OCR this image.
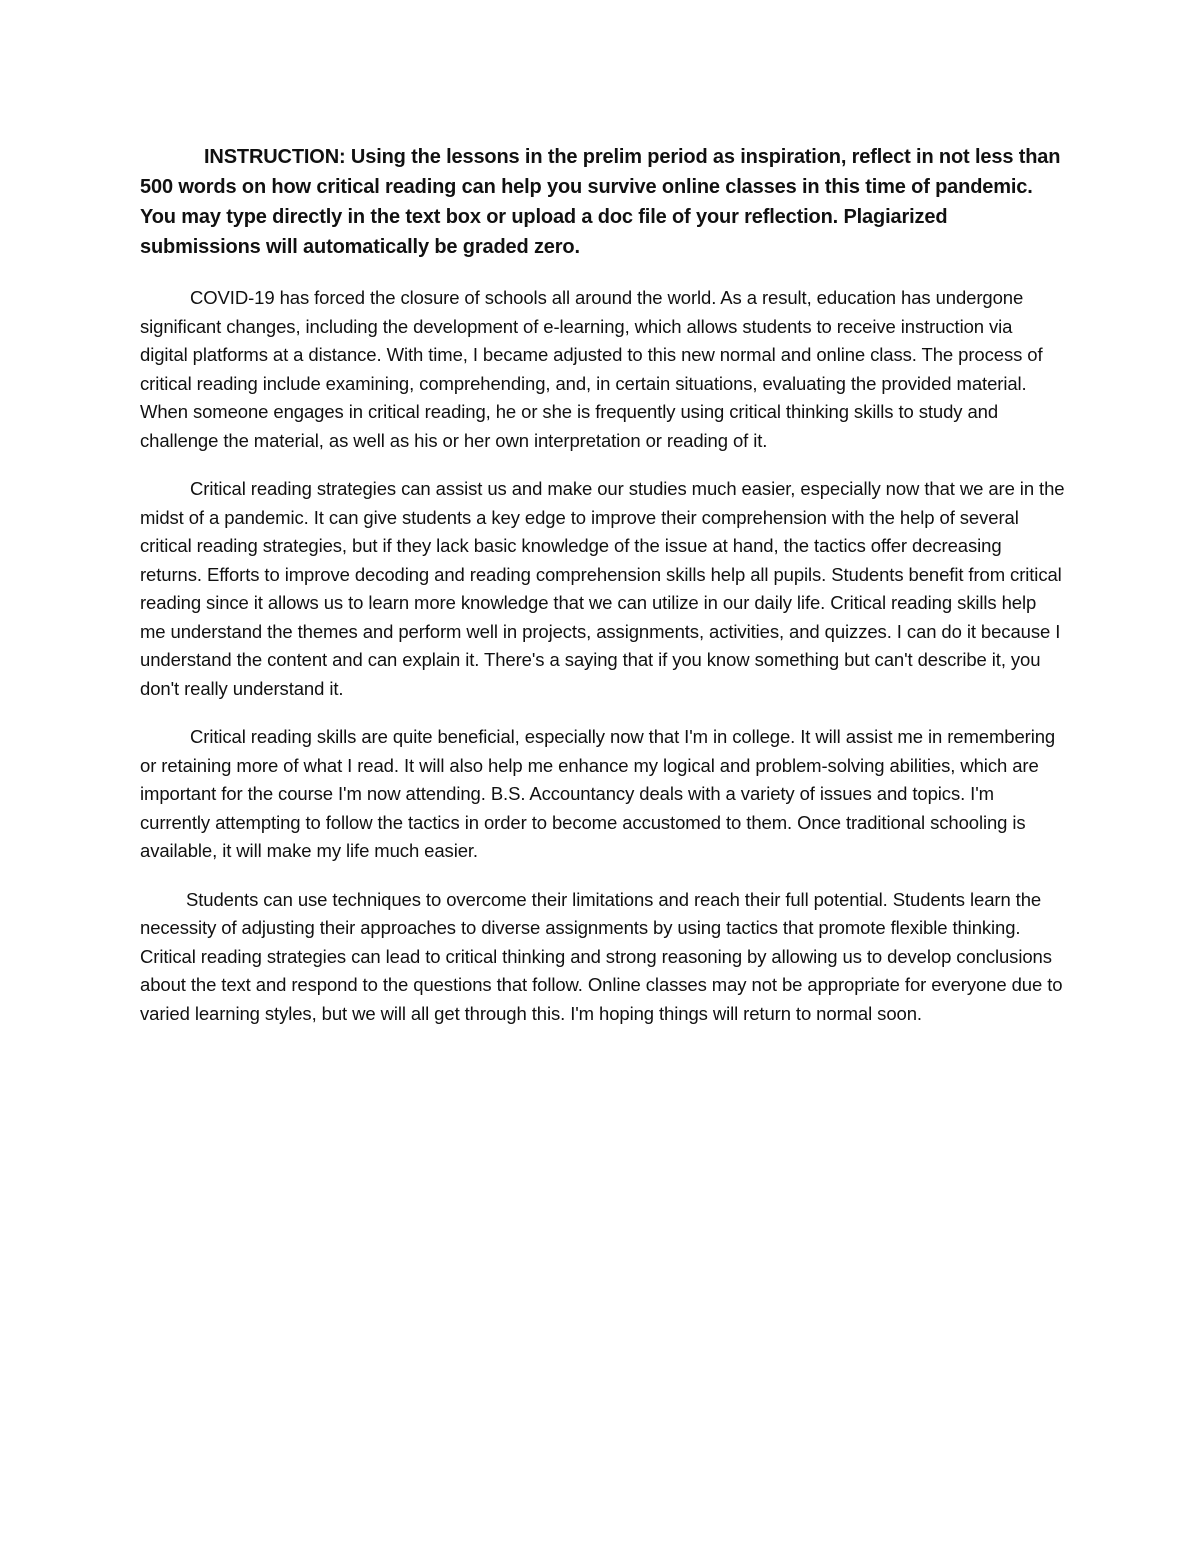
INSTRUCTION: Using the lessons in the prelim period as inspiration, reflect in not less than 500 words on how critical reading can help you survive online classes in this time of pandemic. You may type directly in the text box or upload a doc file of your reflection. Plagiarized submissions will automatically be graded zero.

COVID-19 has forced the closure of schools all around the world. As a result, education has undergone significant changes, including the development of e-learning, which allows students to receive instruction via digital platforms at a distance. With time, I became adjusted to this new normal and online class. The process of critical reading include examining, comprehending, and, in certain situations, evaluating the provided material. When someone engages in critical reading, he or she is frequently using critical thinking skills to study and challenge the material, as well as his or her own interpretation or reading of it.

Critical reading strategies can assist us and make our studies much easier, especially now that we are in the midst of a pandemic. It can give students a key edge to improve their comprehension with the help of several critical reading strategies, but if they lack basic knowledge of the issue at hand, the tactics offer decreasing returns. Efforts to improve decoding and reading comprehension skills help all pupils. Students benefit from critical reading since it allows us to learn more knowledge that we can utilize in our daily life. Critical reading skills help me understand the themes and perform well in projects, assignments, activities, and quizzes. I can do it because I understand the content and can explain it. There's a saying that if you know something but can't describe it, you don't really understand it.

Critical reading skills are quite beneficial, especially now that I'm in college. It will assist me in remembering or retaining more of what I read. It will also help me enhance my logical and problem-solving abilities, which are important for the course I'm now attending. B.S. Accountancy deals with a variety of issues and topics. I'm currently attempting to follow the tactics in order to become accustomed to them. Once traditional schooling is available, it will make my life much easier.

Students can use techniques to overcome their limitations and reach their full potential. Students learn the necessity of adjusting their approaches to diverse assignments by using tactics that promote flexible thinking. Critical reading strategies can lead to critical thinking and strong reasoning by allowing us to develop conclusions about the text and respond to the questions that follow. Online classes may not be appropriate for everyone due to varied learning styles, but we will all get through this. I'm hoping things will return to normal soon.
